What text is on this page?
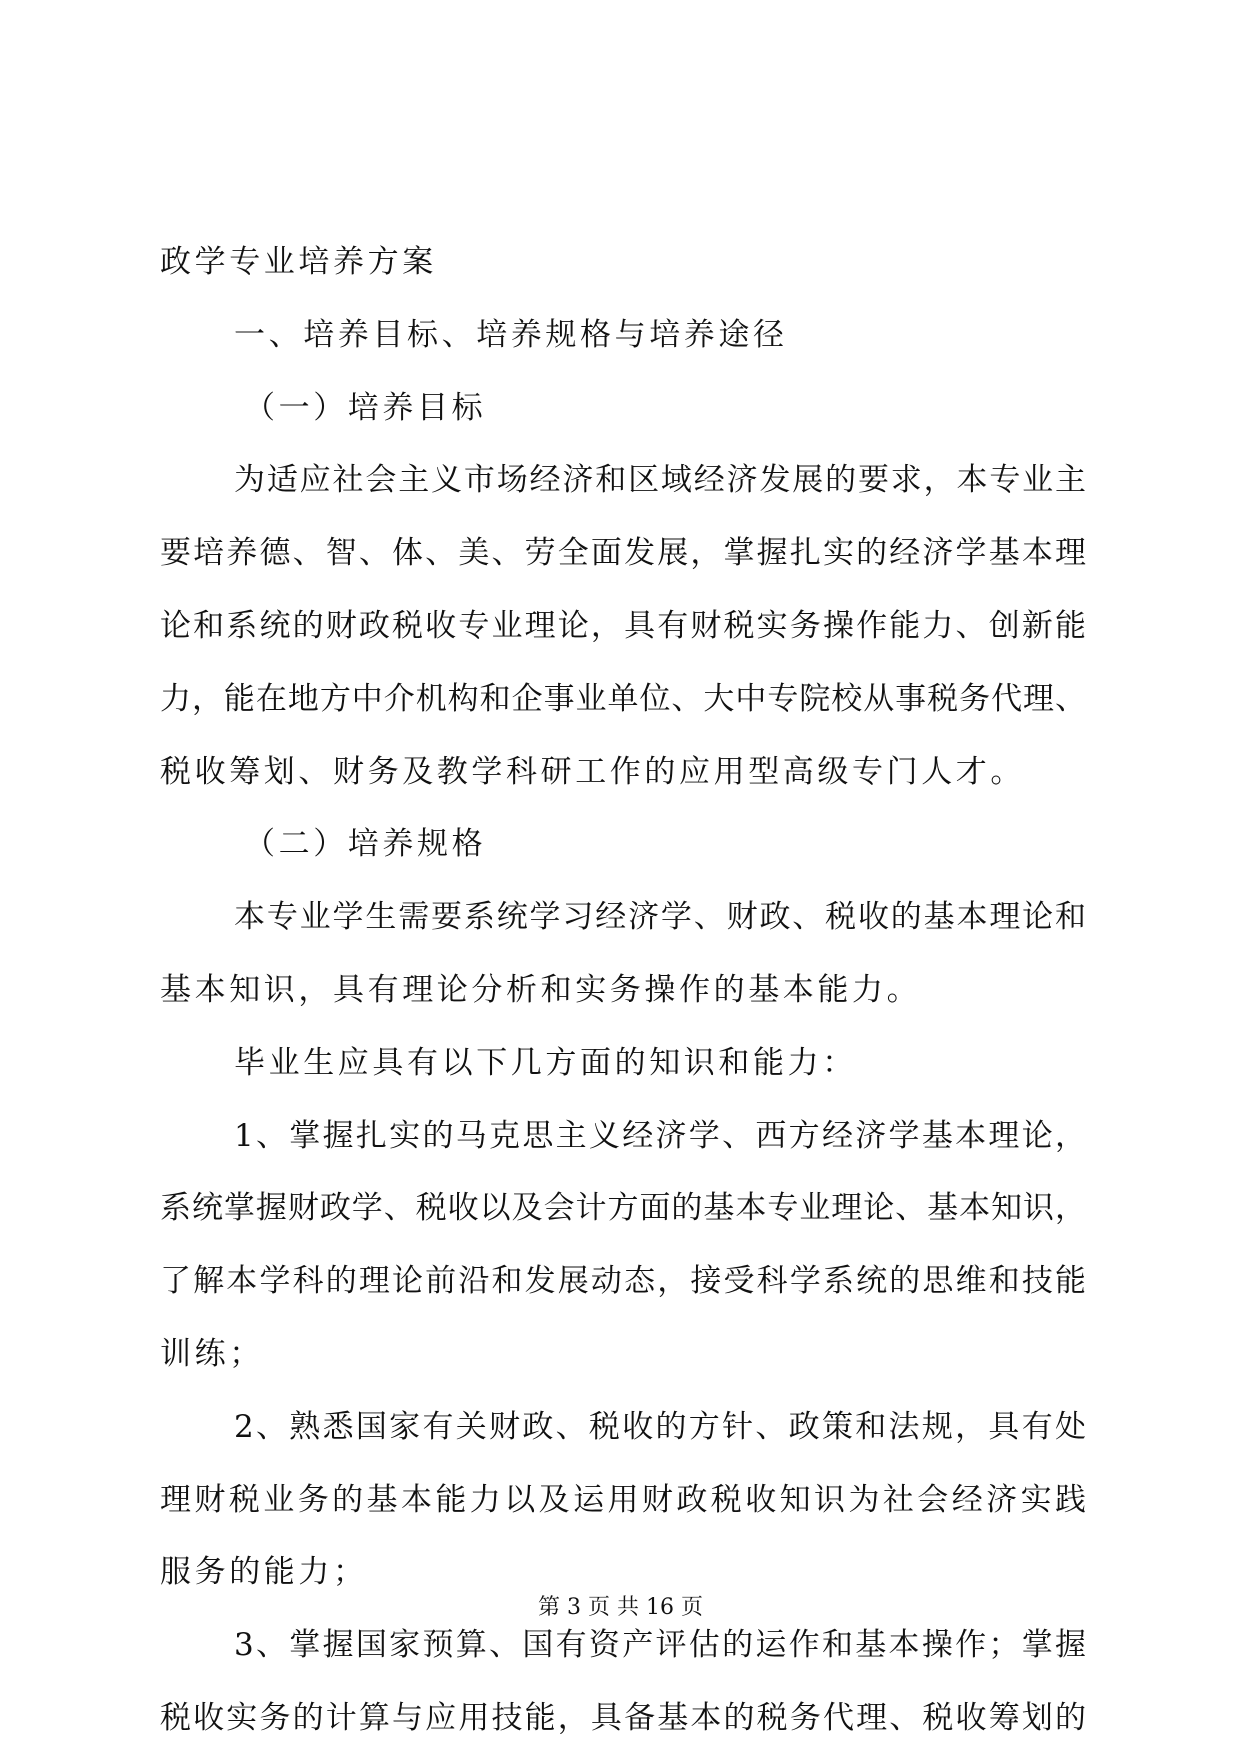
政学专业培养方案
一、培养目标、培养规格与培养途径
（一）培养目标
为适应社会主义市场经济和区域经济发展的要求，本专业主
要培养德、智、体、美、劳全面发展，掌握扎实的经济学基本理
论和系统的财政税收专业理论，具有财税实务操作能力、创新能
力，能在地方中介机构和企事业单位、大中专院校从事税务代理、
税收筹划、财务及教学科研工作的应用型高级专门人才。
（二）培养规格
本专业学生需要系统学习经济学、财政、税收的基本理论和
基本知识，具有理论分析和实务操作的基本能力。
毕业生应具有以下几方面的知识和能力：
1、掌握扎实的马克思主义经济学、西方经济学基本理论，
系统掌握财政学、税收以及会计方面的基本专业理论、基本知识，
了解本学科的理论前沿和发展动态，接受科学系统的思维和技能
训练；
2、熟悉国家有关财政、税收的方针、政策和法规，具有处
理财税业务的基本能力以及运用财政税收知识为社会经济实践
服务的能力；
3、掌握国家预算、国有资产评估的运作和基本操作；掌握
税收实务的计算与应用技能，具备基本的税务代理、税收筹划的
第 3 页 共 16 页
